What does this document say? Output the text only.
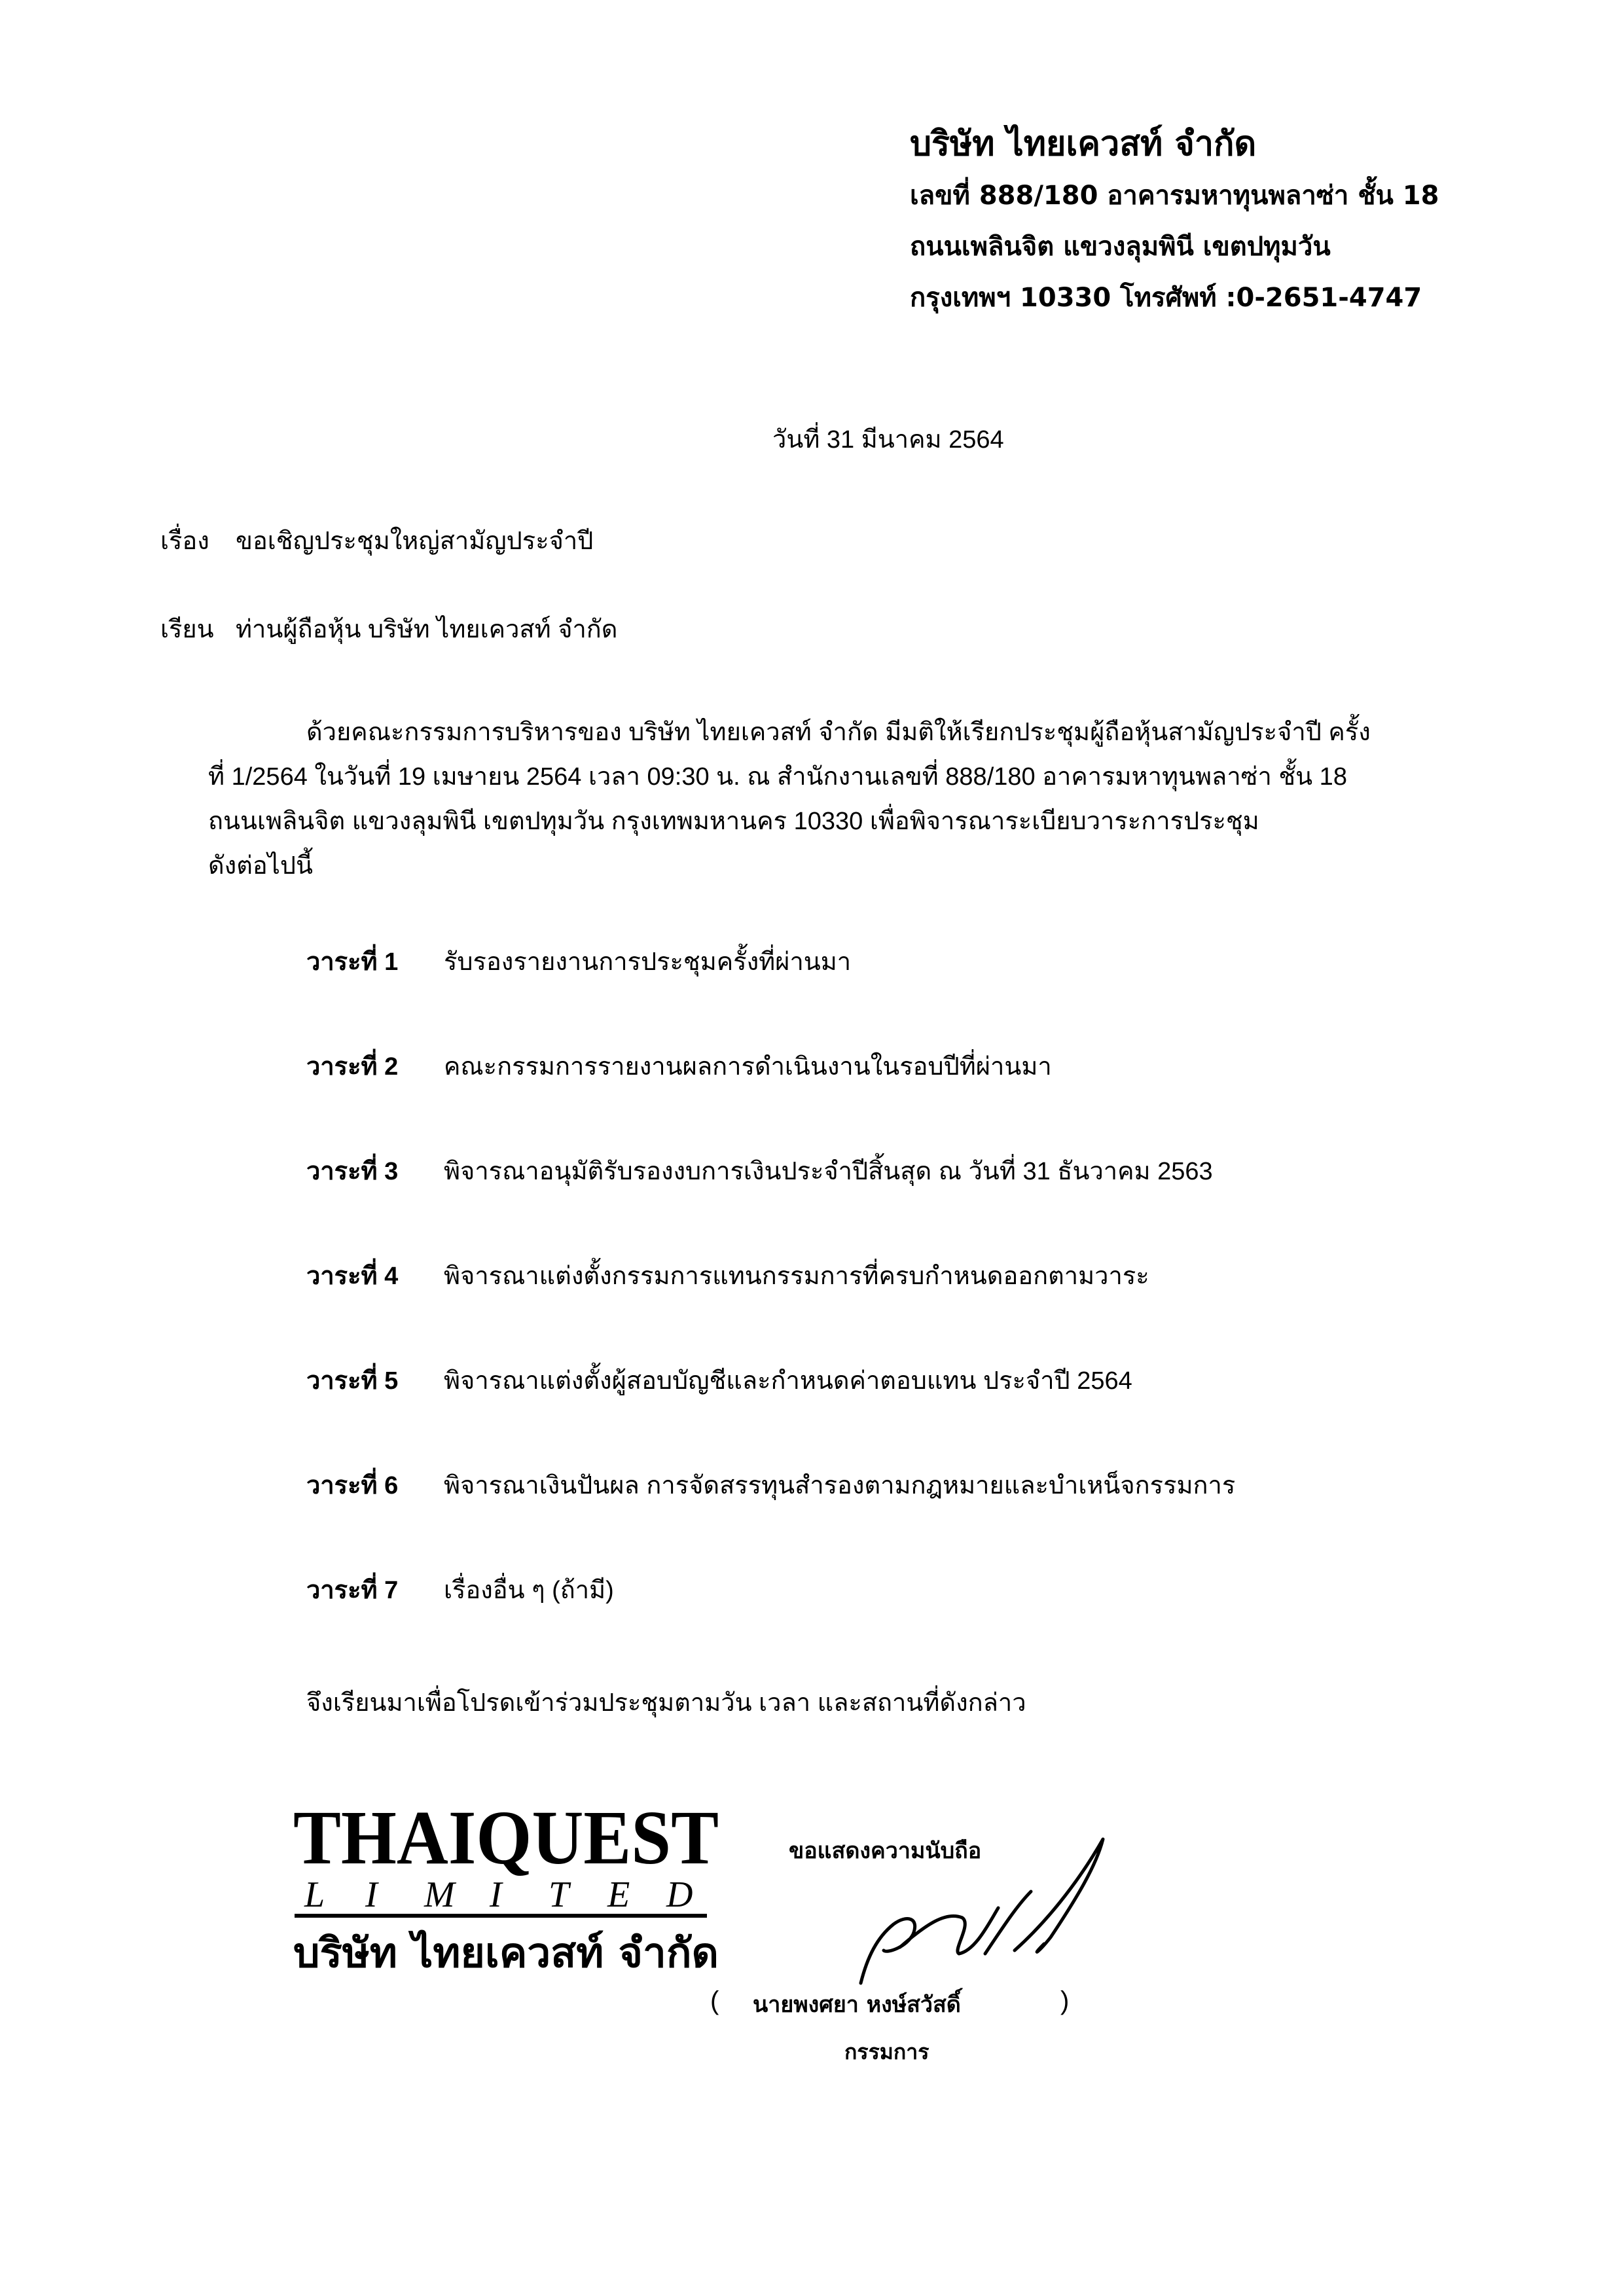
บริษัท ไทยเควสท์ จำกัด
เลขที่ 888/180 อาคารมหาทุนพลาซ่า ชั้น 18
ถนนเพลินจิต แขวงลุมพินี เขตปทุมวัน
กรุงเทพฯ 10330 โทรศัพท์ :0-2651-4747
วันที่ 31 มีนาคม 2564
เรื่อง ขอเชิญประชุมใหญ่สามัญประจำปี
เรียน ท่านผู้ถือหุ้น บริษัท ไทยเควสท์ จำกัด
ด้วยคณะกรรมการบริหารของ บริษัท ไทยเควสท์ จำกัด มีมติให้เรียกประชุมผู้ถือหุ้นสามัญประจำปี ครั้ง
ที่ 1/2564 ในวันที่ 19 เมษายน 2564 เวลา 09:30 น. ณ สำนักงานเลขที่ 888/180 อาคารมหาทุนพลาซ่า ชั้น 18
ถนนเพลินจิต แขวงลุมพินี เขตปทุมวัน กรุงเทพมหานคร 10330 เพื่อพิจารณาระเบียบวาระการประชุม
ดังต่อไปนี้
วาระที่ 1 รับรองรายงานการประชุมครั้งที่ผ่านมา
วาระที่ 2 คณะกรรมการรายงานผลการดำเนินงานในรอบปีที่ผ่านมา
วาระที่ 3 พิจารณาอนุมัติรับรองงบการเงินประจำปีสิ้นสุด ณ วันที่ 31 ธันวาคม 2563
วาระที่ 4 พิจารณาแต่งตั้งกรรมการแทนกรรมการที่ครบกำหนดออกตามวาระ
วาระที่ 5 พิจารณาแต่งตั้งผู้สอบบัญชีและกำหนดค่าตอบแทน ประจำปี 2564
วาระที่ 6 พิจารณาเงินปันผล การจัดสรรทุนสำรองตามกฎหมายและบำเหน็จกรรมการ
วาระที่ 7 เรื่องอื่น ๆ (ถ้ามี)
จึงเรียนมาเพื่อโปรดเข้าร่วมประชุมตามวัน เวลา และสถานที่ดังกล่าว
THAIQUEST
L I M I T E D
บริษัท ไทยเควสท์ จำกัด
ขอแสดงความนับถือ
( นายพงศยา หงษ์สวัสดิ์	)
กรรมการ
